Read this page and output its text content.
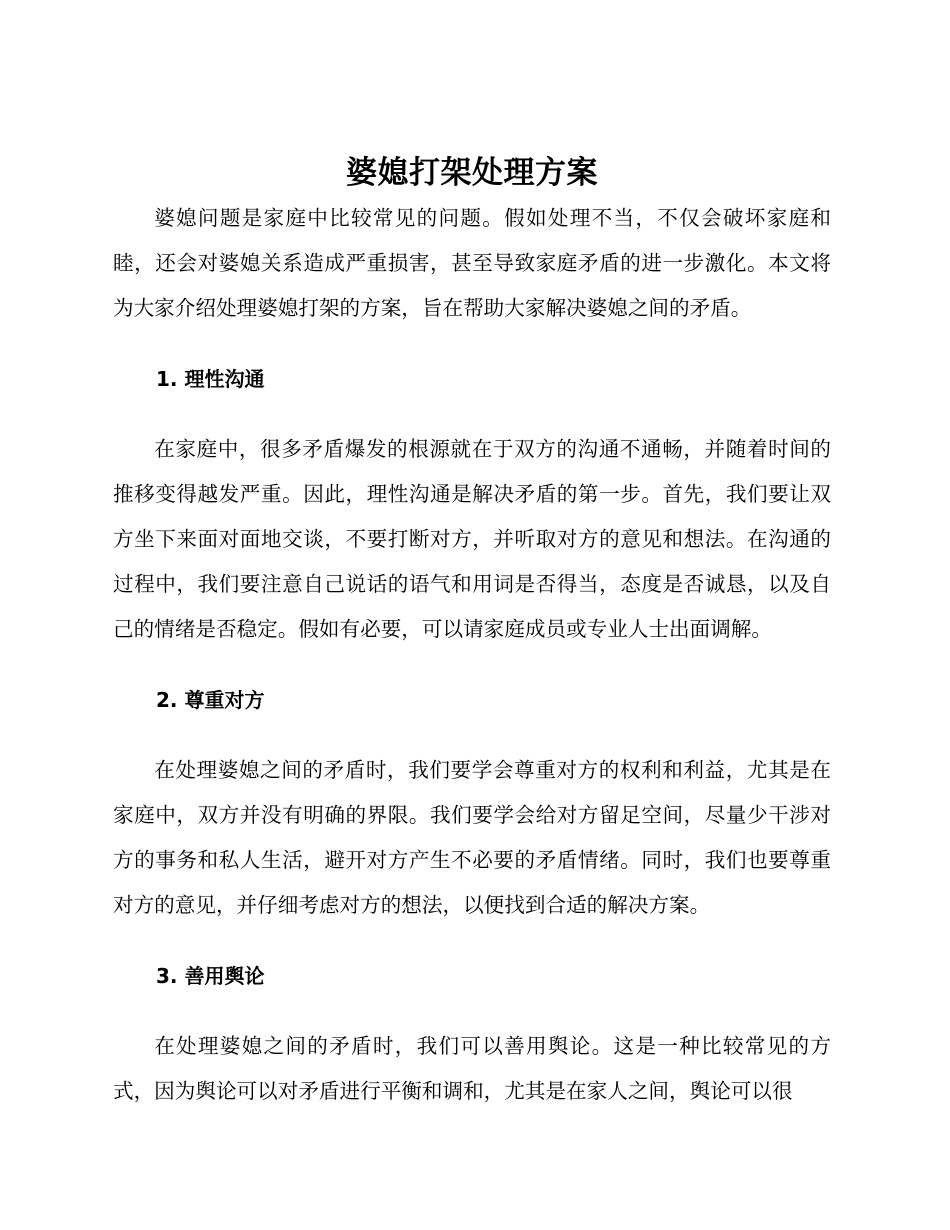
婆媳打架处理方案

婆媳问题是家庭中比较常见的问题。假如处理不当，不仅会破坏家庭和睦，还会对婆媳关系造成严重损害，甚至导致家庭矛盾的进一步激化。本文将为大家介绍处理婆媳打架的方案，旨在帮助大家解决婆媳之间的矛盾。

1. 理性沟通

在家庭中，很多矛盾爆发的根源就在于双方的沟通不通畅，并随着时间的推移变得越发严重。因此，理性沟通是解决矛盾的第一步。首先，我们要让双方坐下来面对面地交谈，不要打断对方，并听取对方的意见和想法。在沟通的过程中，我们要注意自己说话的语气和用词是否得当，态度是否诚恳，以及自己的情绪是否稳定。假如有必要，可以请家庭成员或专业人士出面调解。

2. 尊重对方

在处理婆媳之间的矛盾时，我们要学会尊重对方的权利和利益，尤其是在家庭中，双方并没有明确的界限。我们要学会给对方留足空间，尽量少干涉对方的事务和私人生活，避开对方产生不必要的矛盾情绪。同时，我们也要尊重对方的意见，并仔细考虑对方的想法，以便找到合适的解决方案。

3. 善用舆论

在处理婆媳之间的矛盾时，我们可以善用舆论。这是一种比较常见的方式，因为舆论可以对矛盾进行平衡和调和，尤其是在家人之间，舆论可以很
